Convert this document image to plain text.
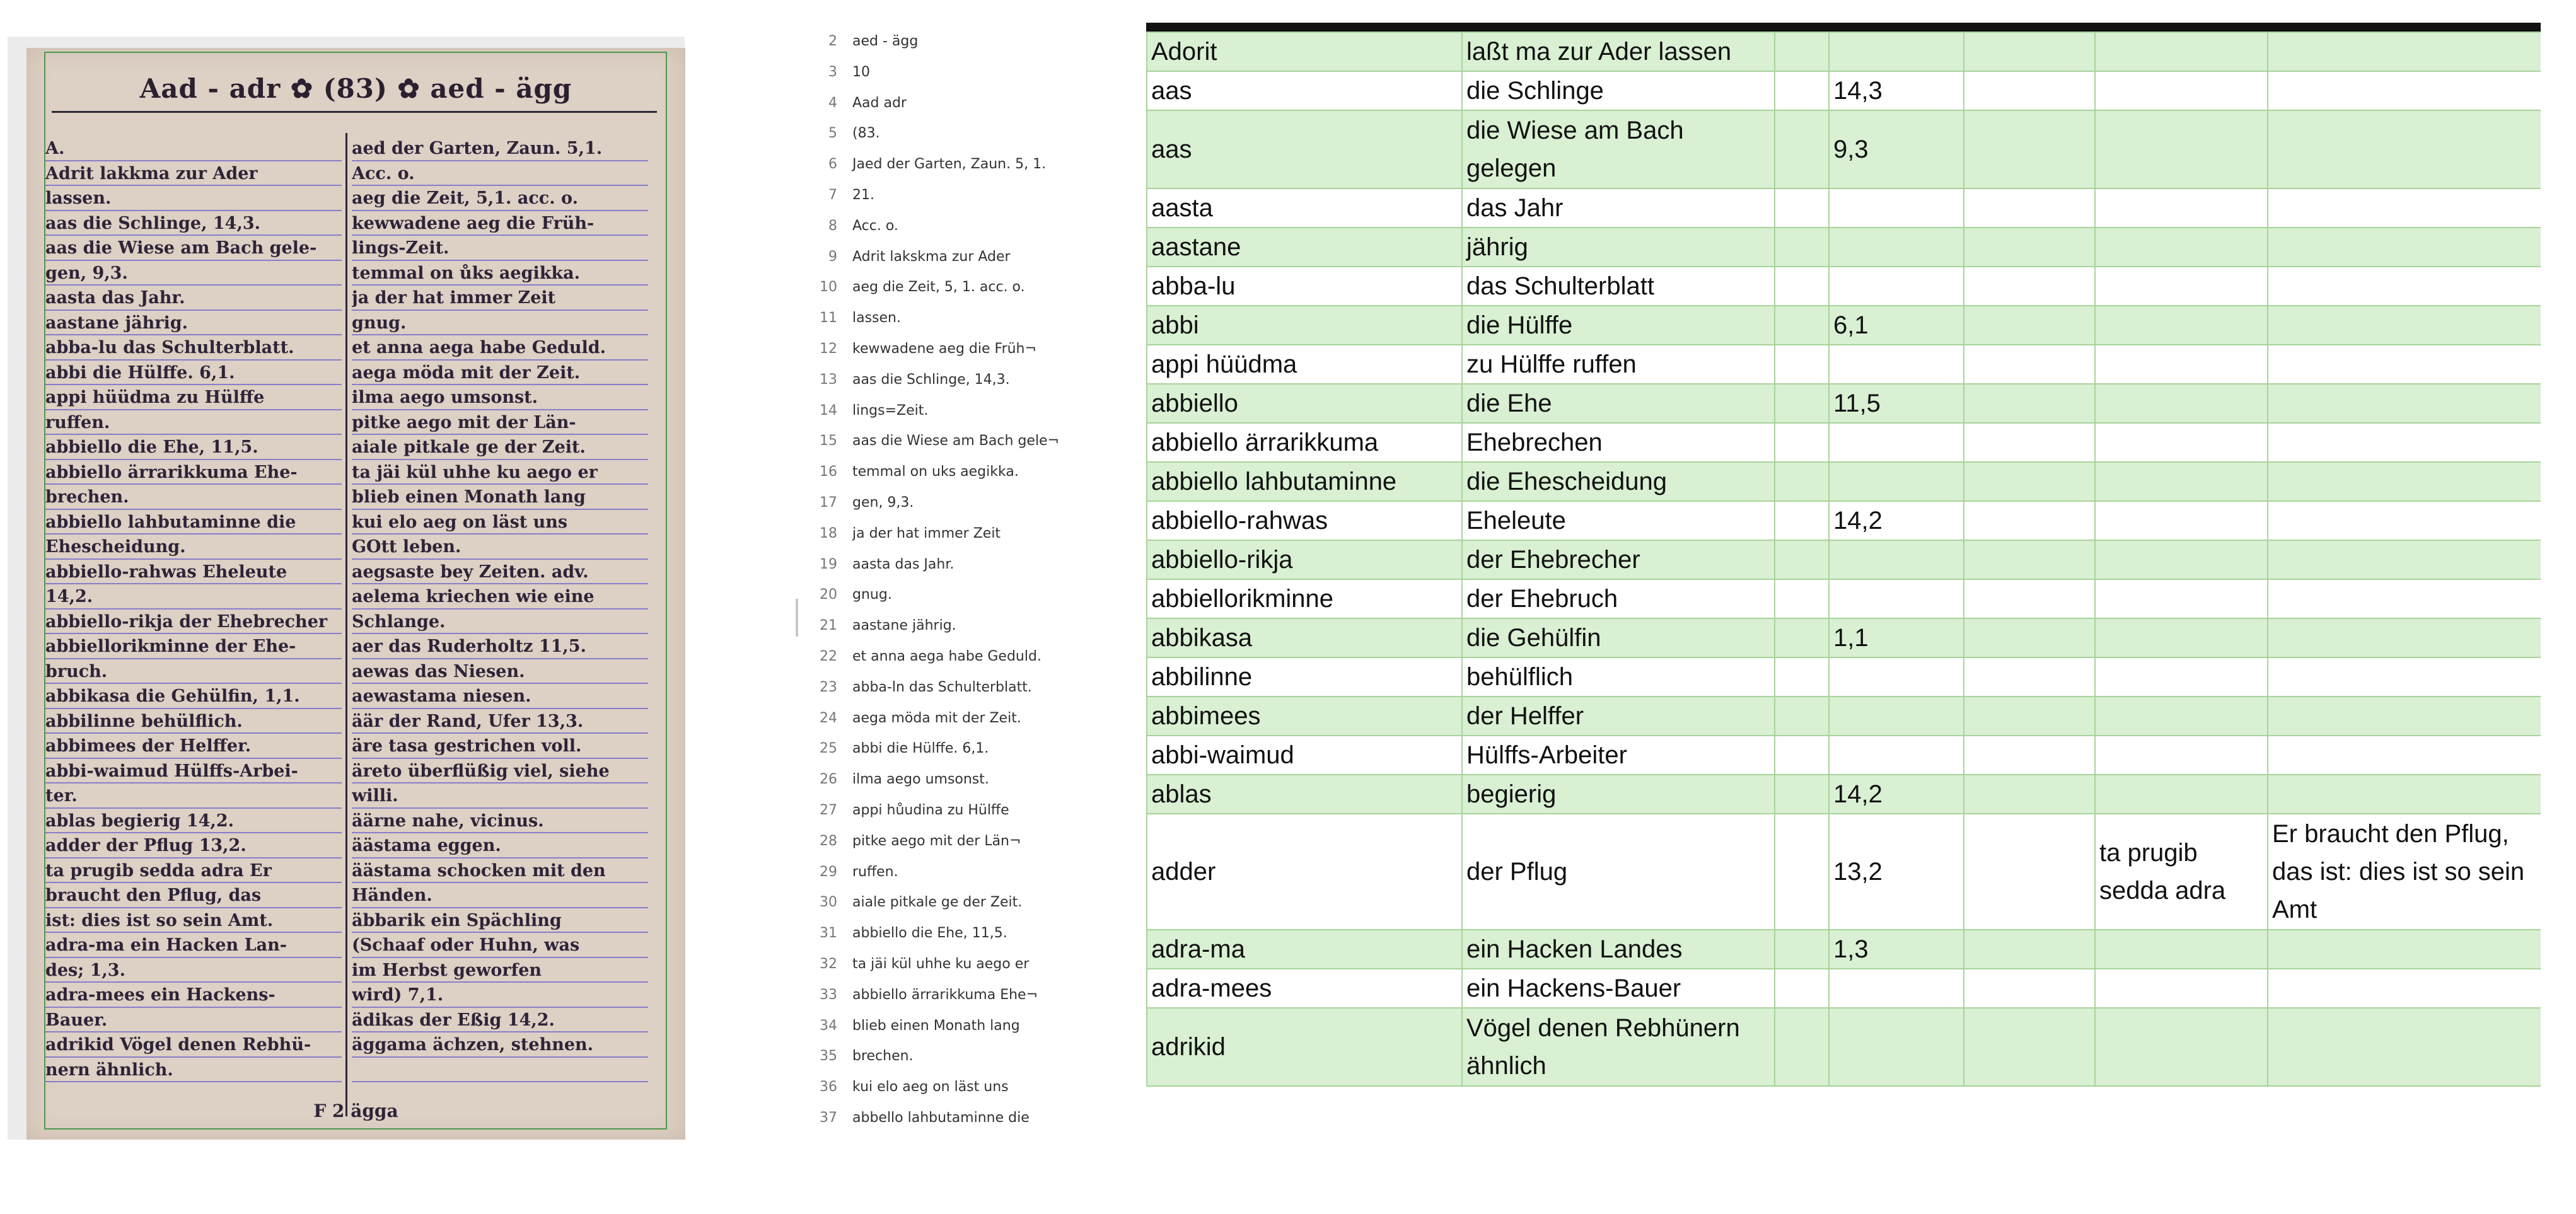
Aad - adr ✿ (83) ✿ aed - ägg
A.
Adrit lakkma zur Ader
lassen.
aas die Schlinge, 14,3.
aas die Wiese am Bach gele-
gen, 9,3.
aasta das Jahr.
aastane jährig.
abba-lu das Schulterblatt.
abbi die Hülffe. 6,1.
appi hüüdma zu Hülffe
ruffen.
abbiello die Ehe, 11,5.
abbiello ärrarikkuma Ehe-
brechen.
abbiello lahbutaminne die
Ehescheidung.
abbiello-rahwas Eheleute
14,2.
abbiello-rikja der Ehebrecher
abbiellorikminne der Ehe-
bruch.
abbikasa die Gehülfin, 1,1.
abbilinne behülflich.
abbimees der Helffer.
abbi-waimud Hülffs-Arbei-
ter.
ablas begierig 14,2.
adder der Pflug 13,2.
ta prugib sedda adra Er
braucht den Pflug, das
ist: dies ist so sein Amt.
adra-ma ein Hacken Lan-
des; 1,3.
adra-mees ein Hackens-
Bauer.
adrikid Vögel denen Rebhü-
nern ähnlich.
aed der Garten, Zaun. 5,1.
Acc. o.
aeg die Zeit, 5,1. acc. o.
kewwadene aeg die Früh-
lings-Zeit.
temmal on ůks aegikka.
ja der hat immer Zeit
gnug.
et anna aega habe Geduld.
aega möda mit der Zeit.
ilma aego umsonst.
pitke aego mit der Län-
aiale pitkale ge der Zeit.
ta jäi kül uhhe ku aego er
blieb einen Monath lang
kui elo aeg on läst uns
GOtt leben.
aegsaste bey Zeiten. adv.
aelema kriechen wie eine
Schlange.
aer das Ruderholtz 11,5.
aewas das Niesen.
aewastama niesen.
äär der Rand, Ufer 13,3.
äre tasa gestrichen voll.
äreto überflüßig viel, siehe
willi.
äärne nahe, vicinus.
äästama eggen.
äästama schocken mit den
Händen.
äbbarik ein Spächling
(Schaaf oder Huhn, was
im Herbst geworfen
wird) 7,1.
ädikas der Eßig 14,2.
äggama ächzen, stehnen.
F 2 ägga
2	aed - ägg
3	10
4	Aad adr
5	(83.
6	Jaed der Garten, Zaun. 5, 1.
7	21.
8	Acc. o.
9	Adrit lakskma zur Ader
10	aeg die Zeit, 5, 1. acc. o.
11	lassen.
12	kewwadene aeg die Früh¬
13	aas die Schlinge, 14,3.
14	lings=Zeit.
15	aas die Wiese am Bach gele¬
16	temmal on uks aegikka.
17	gen, 9,3.
18	ja der hat immer Zeit
19	aasta das Jahr.
20	gnug.
21	aastane jährig.
22	et anna aega habe Geduld.
23	abba-ln das Schulterblatt.
24	aega möda mit der Zeit.
25	abbi die Hülffe. 6,1.
26	ilma aego umsonst.
27	appi hůudina zu Hülffe
28	pitke aego mit der Län¬
29	ruffen.
30	aiale pitkale ge der Zeit.
31	abbiello die Ehe, 11,5.
32	ta jäi kül uhhe ku aego er
33	abbiello ärrarikkuma Ehe¬
34	blieb einen Monath lang
35	brechen.
36	kui elo aeg on läst uns
37	abbello lahbutaminne die
Adorit	laßt ma zur Ader lassen					
aas	die Schlinge		14,3			
aas	die Wiese am Bach gelegen		9,3			
aasta	das Jahr					
aastane	jährig					
abba-lu	das Schulterblatt					
abbi	die Hülffe		6,1			
appi hüüdma	zu Hülffe ruffen					
abbiello	die Ehe		11,5			
abbiello ärrarikkuma	Ehebrechen					
abbiello lahbutaminne	die Ehescheidung					
abbiello-rahwas	Eheleute		14,2			
abbiello-rikja	der Ehebrecher					
abbiellorikminne	der Ehebruch					
abbikasa	die Gehülfin		1,1			
abbilinne	behülflich					
abbimees	der Helffer					
abbi-waimud	Hülffs-Arbeiter					
ablas	begierig		14,2			
adder	der Pflug		13,2		ta prugib sedda adra	Er braucht den Pflug, das ist: dies ist so sein Amt
adra-ma	ein Hacken Landes		1,3			
adra-mees	ein Hackens-Bauer					
adrikid	Vögel denen Rebhünern ähnlich					
